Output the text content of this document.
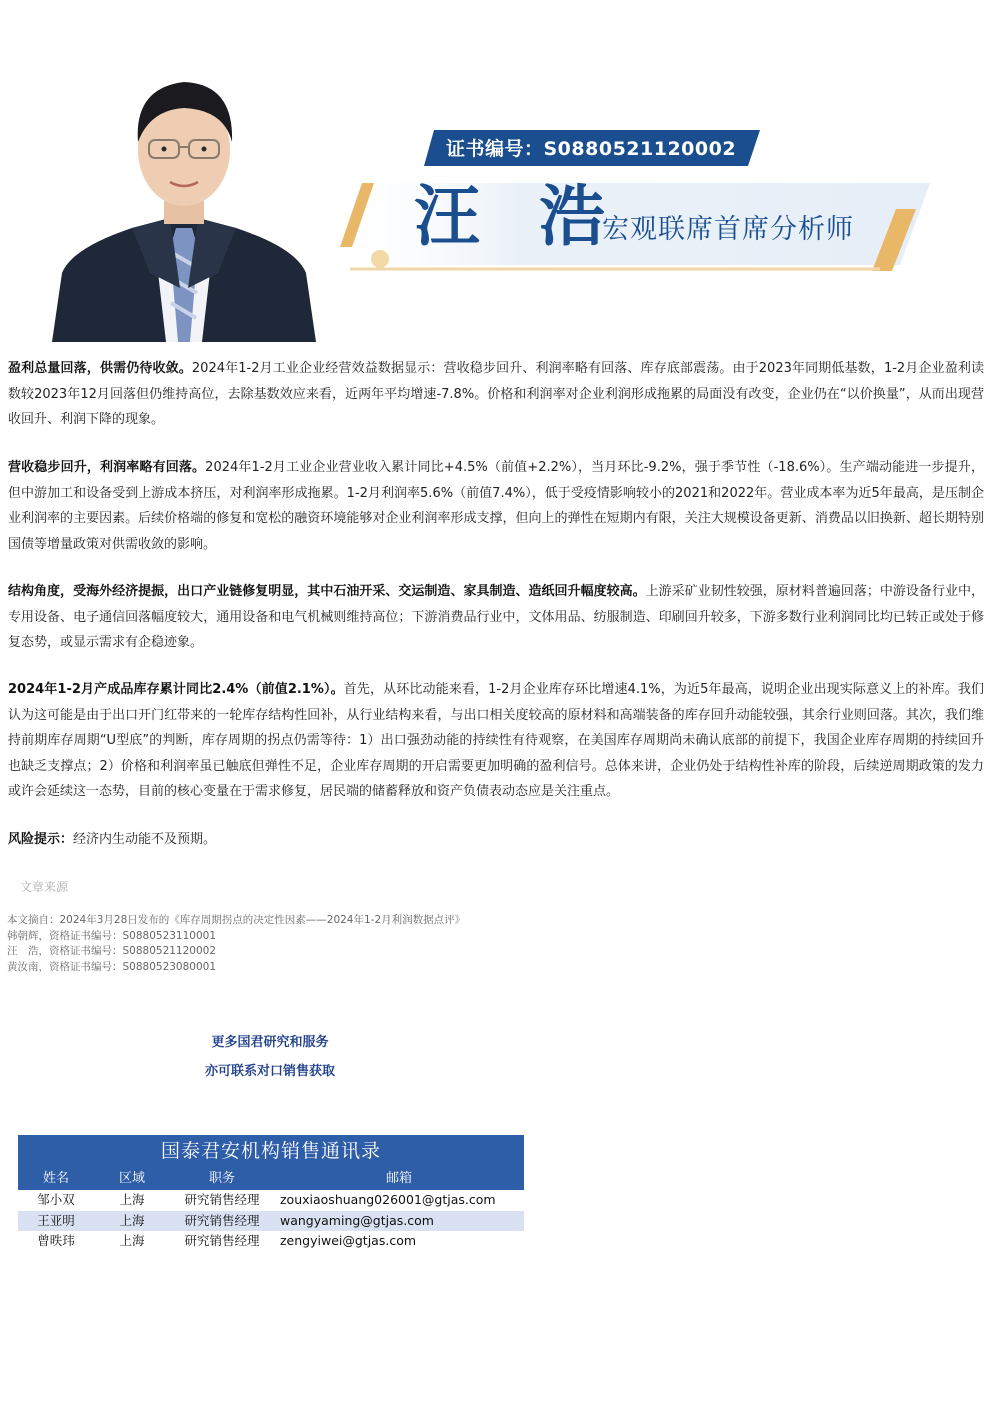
证书编号：S0880521120002
汪 浩
宏观联席首席分析师

盈利总量回落，供需仍待收敛。2024年1-2月工业企业经营效益数据显示：营收稳步回升、利润率略有回落、库存底部震荡。由于2023年同期低基数，1-2月企业盈利读数较2023年12月回落但仍维持高位，去除基数效应来看，近两年平均增速-7.8%。价格和利润率对企业利润形成拖累的局面没有改变，企业仍在“以价换量”，从而出现营收回升、利润下降的现象。

营收稳步回升，利润率略有回落。2024年1-2月工业企业营业收入累计同比+4.5%（前值+2.2%），当月环比-9.2%，强于季节性（-18.6%）。生产端动能进一步提升，但中游加工和设备受到上游成本挤压，对利润率形成拖累。1-2月利润率5.6%（前值7.4%），低于受疫情影响较小的2021和2022年。营业成本率为近5年最高，是压制企业利润率的主要因素。后续价格端的修复和宽松的融资环境能够对企业利润率形成支撑，但向上的弹性在短期内有限，关注大规模设备更新、消费品以旧换新、超长期特别国债等增量政策对供需收敛的影响。

结构角度，受海外经济提振，出口产业链修复明显，其中石油开采、交运制造、家具制造、造纸回升幅度较高。上游采矿业韧性较强，原材料普遍回落；中游设备行业中，专用设备、电子通信回落幅度较大，通用设备和电气机械则维持高位；下游消费品行业中，文体用品、纺服制造、印刷回升较多，下游多数行业利润同比均已转正或处于修复态势，或显示需求有企稳迹象。

2024年1-2月产成品库存累计同比2.4%（前值2.1%）。首先，从环比动能来看，1-2月企业库存环比增速4.1%，为近5年最高，说明企业出现实际意义上的补库。我们认为这可能是由于出口开门红带来的一轮库存结构性回补，从行业结构来看，与出口相关度较高的原材料和高端装备的库存回升动能较强，其余行业则回落。其次，我们维持前期库存周期“U型底”的判断，库存周期的拐点仍需等待：1）出口强劲动能的持续性有待观察，在美国库存周期尚未确认底部的前提下，我国企业库存周期的持续回升也缺乏支撑点；2）价格和利润率虽已触底但弹性不足，企业库存周期的开启需要更加明确的盈利信号。总体来讲，企业仍处于结构性补库的阶段，后续逆周期政策的发力或许会延续这一态势，目前的核心变量在于需求修复，居民端的储蓄释放和资产负债表动态应是关注重点。

风险提示：经济内生动能不及预期。

文章来源
本文摘自：2024年3月28日发布的《库存周期拐点的决定性因素——2024年1-2月利润数据点评》
韩朝辉，资格证书编号：S0880523110001
汪　浩，资格证书编号：S0880521120002
黄汝南，资格证书编号：S0880523080001
更多国君研究和服务
亦可联系对口销售获取
国泰君安机构销售通讯录
姓名	区域	职务	邮箱
邹小双	上海	研究销售经理	zouxiaoshuang026001@gtjas.com
王亚明	上海	研究销售经理	wangyaming@gtjas.com
曾昳玮	上海	研究销售经理	zengyiwei@gtjas.com
